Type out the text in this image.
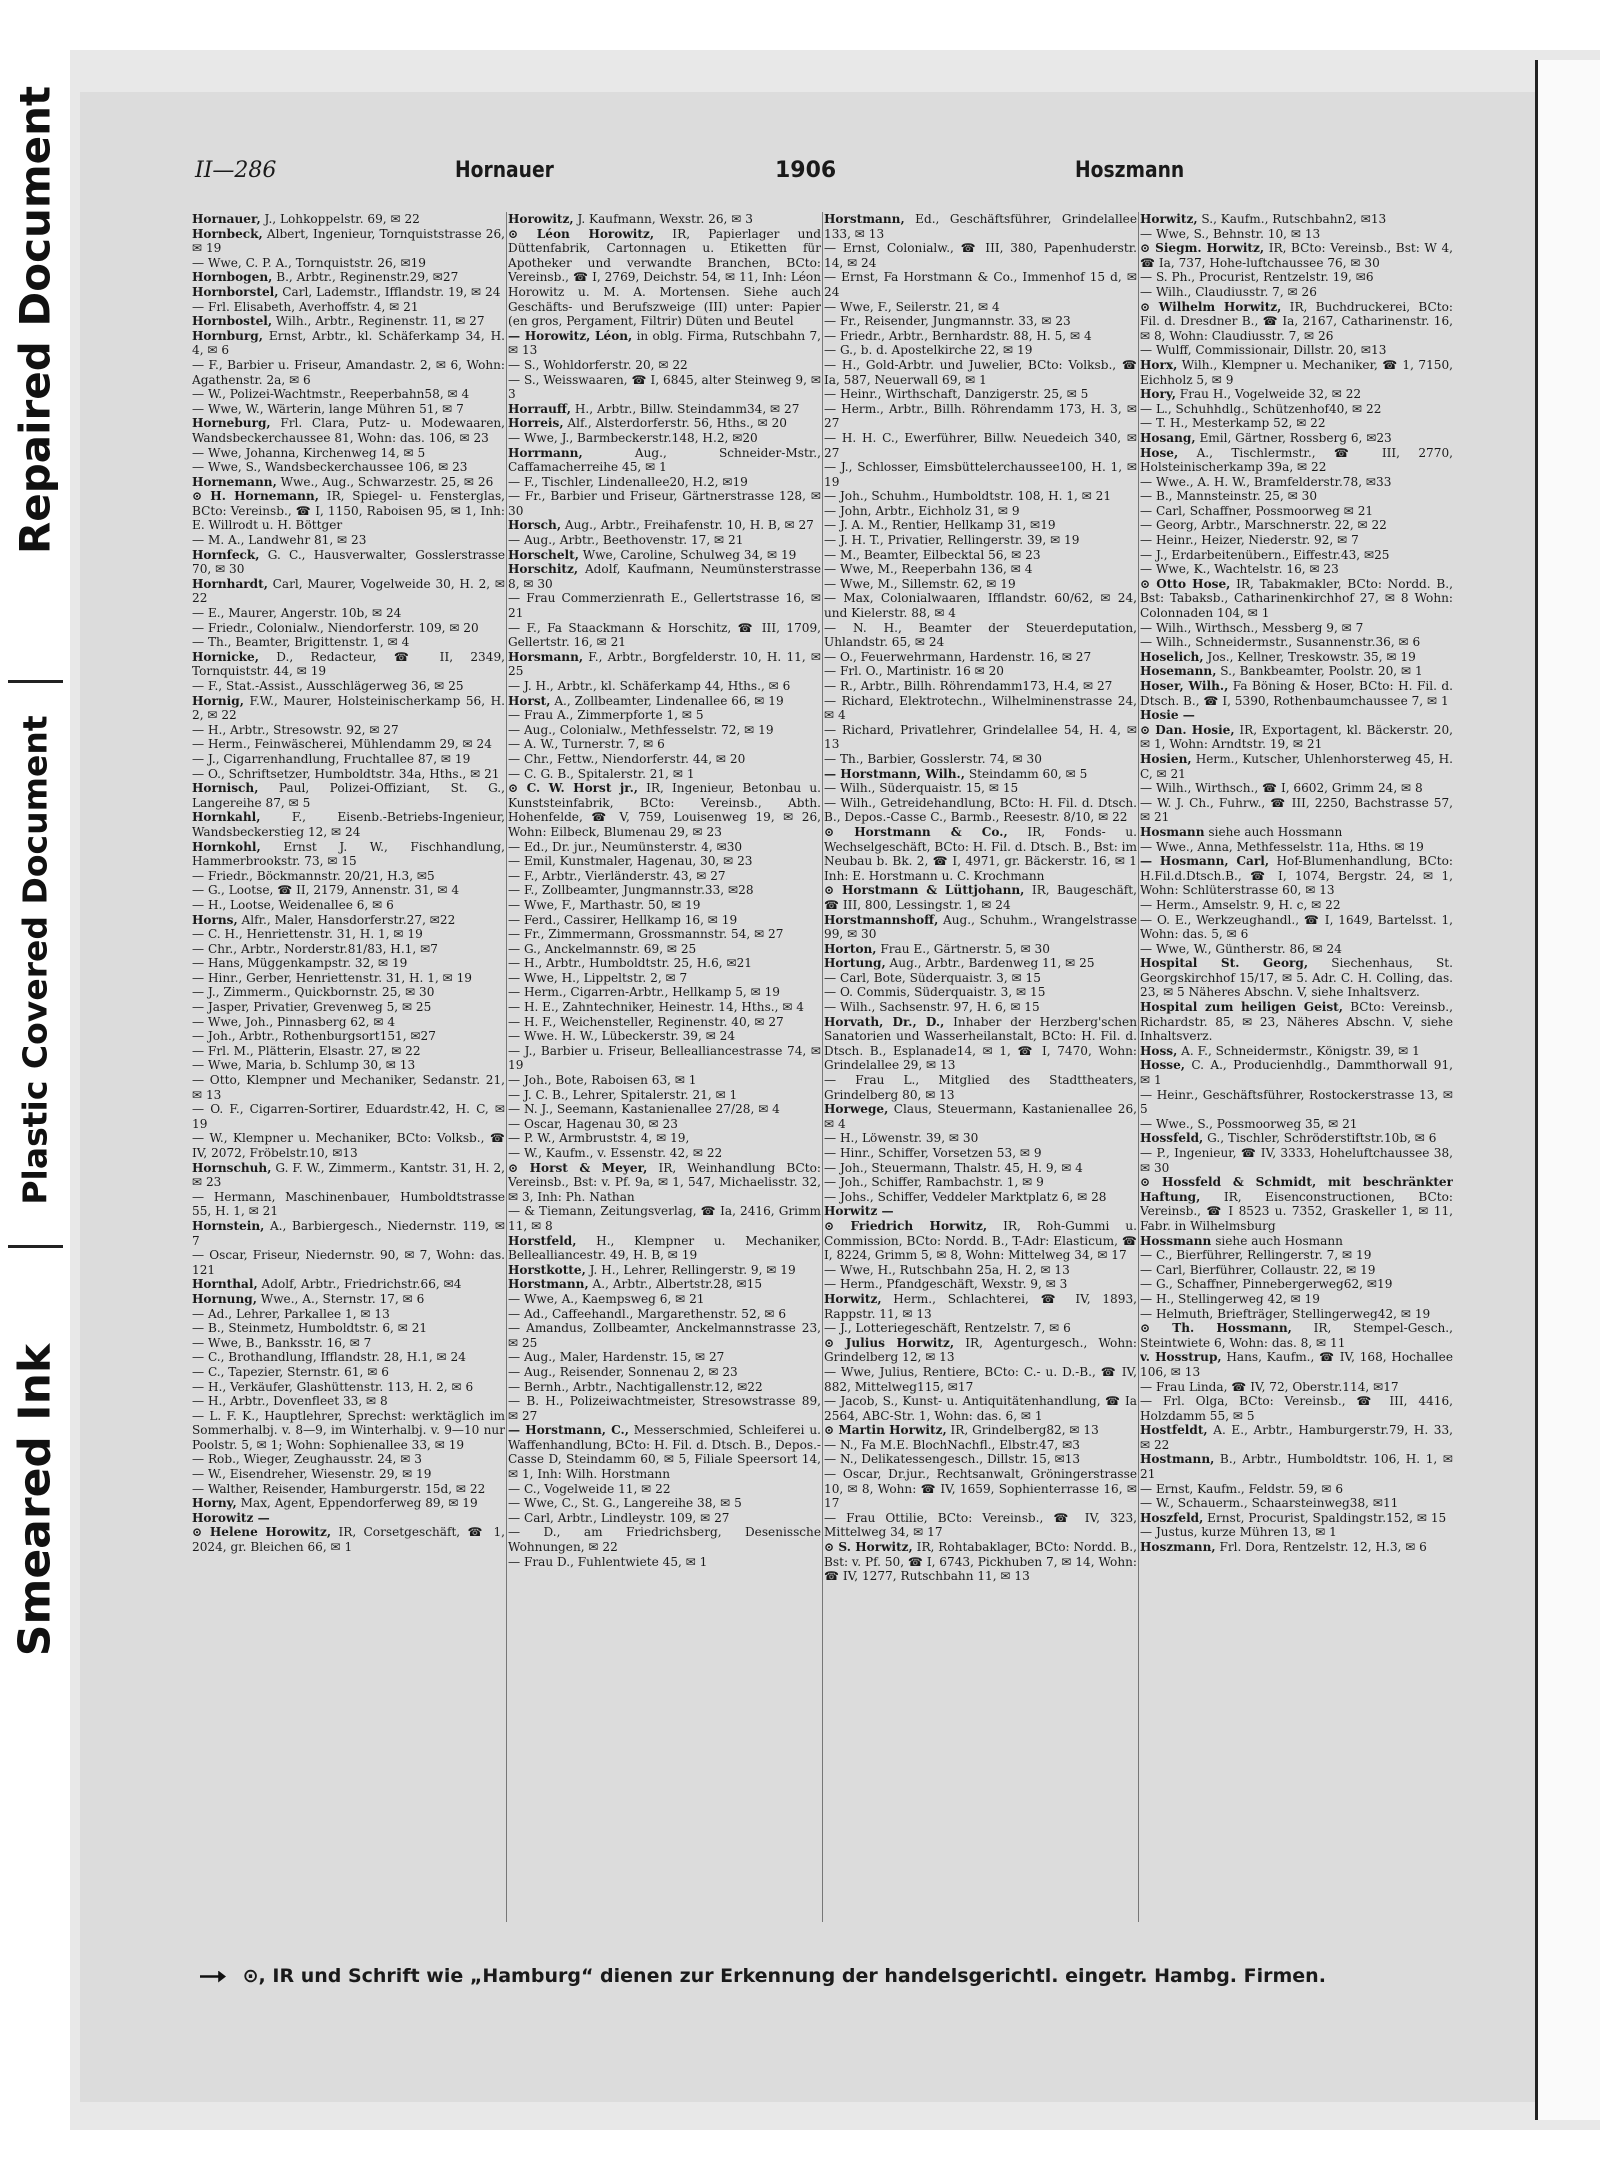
Repaired Document
Plastic Covered Document
Smeared Ink
II—286	Hornauer	1906	Hoszmann

Hornauer, J., Lohkoppelstr. 69, ✉ 22

Hornbeck, Albert, Ingenieur, Tornquiststrasse 26, ✉ 19

— Wwe, C. P. A., Tornquiststr. 26, ✉19

Hornbogen, B., Arbtr., Reginenstr.29, ✉27

Hornborstel, Carl, Lademstr., Ifflandstr. 19, ✉ 24

— Frl. Elisabeth, Averhoffstr. 4, ✉ 21

Hornbostel, Wilh., Arbtr., Reginenstr. 11, ✉ 27

Hornburg, Ernst, Arbtr., kl. Schäferkamp 34, H. 4, ✉ 6

— F., Barbier u. Friseur, Amandastr. 2, ✉ 6, Wohn: Agathenstr. 2a, ✉ 6

— W., Polizei-Wachtmstr., Reeperbahn58, ✉ 4

— Wwe, W., Wärterin, lange Mühren 51, ✉ 7

Horneburg, Frl. Clara, Putz- u. Modewaaren, Wandsbeckerchaussee 81, Wohn: das. 106, ✉ 23

— Wwe, Johanna, Kirchenweg 14, ✉ 5

— Wwe, S., Wandsbeckerchaussee 106, ✉ 23

Hornemann, Wwe., Aug., Schwarzestr. 25, ✉ 26

⊙ H. Hornemann, IR, Spiegel- u. Fensterglas, BCto: Vereinsb., ☎ I, 1150, Raboisen 95, ✉ 1, Inh: E. Willrodt u. H. Böttger

— M. A., Landwehr 81, ✉ 23

Hornfeck, G. C., Hausverwalter, Gosslerstrasse 70, ✉ 30

Hornhardt, Carl, Maurer, Vogelweide 30, H. 2, ✉ 22

— E., Maurer, Angerstr. 10b, ✉ 24

— Friedr., Colonialw., Niendorferstr. 109, ✉ 20

— Th., Beamter, Brigittenstr. 1, ✉ 4

Hornicke, D., Redacteur, ☎ II, 2349, Tornquiststr. 44, ✉ 19

— F., Stat.-Assist., Ausschlägerweg 36, ✉ 25

Hornig, F.W., Maurer, Holsteinischerkamp 56, H. 2, ✉ 22

— H., Arbtr., Stresowstr. 92, ✉ 27

— Herm., Feinwäscherei, Mühlendamm 29, ✉ 24

— J., Cigarrenhandlung, Fruchtallee 87, ✉ 19

— O., Schriftsetzer, Humboldtstr. 34a, Hths., ✉ 21

Hornisch, Paul, Polizei-Offiziant, St. G., Langereihe 87, ✉ 5

Hornkahl, F., Eisenb.-Betriebs-Ingenieur, Wandsbeckerstieg 12, ✉ 24

Hornkohl, Ernst J. W., Fischhandlung, Hammerbrookstr. 73, ✉ 15

— Friedr., Böckmannstr. 20/21, H.3, ✉5

— G., Lootse, ☎ II, 2179, Annenstr. 31, ✉ 4

— H., Lootse, Weidenallee 6, ✉ 6

Horns, Alfr., Maler, Hansdorferstr.27, ✉22

— C. H., Henriettenstr. 31, H. 1, ✉ 19

— Chr., Arbtr., Norderstr.81/83, H.1, ✉7

— Hans, Müggenkampstr. 32, ✉ 19

— Hinr., Gerber, Henriettenstr. 31, H. 1, ✉ 19

— J., Zimmerm., Quickbornstr. 25, ✉ 30

— Jasper, Privatier, Grevenweg 5, ✉ 25

— Wwe, Joh., Pinnasberg 62, ✉ 4

— Joh., Arbtr., Rothenburgsort151, ✉27

— Frl. M., Plätterin, Elsastr. 27, ✉ 22

— Wwe, Maria, b. Schlump 30, ✉ 13

— Otto, Klempner und Mechaniker, Sedanstr. 21, ✉ 13

— O. F., Cigarren-Sortirer, Eduardstr.42, H. C, ✉ 19

— W., Klempner u. Mechaniker, BCto: Volksb., ☎ IV, 2072, Fröbelstr.10, ✉13

Hornschuh, G. F. W., Zimmerm., Kantstr. 31, H. 2, ✉ 23

— Hermann, Maschinenbauer, Humboldtstrasse 55, H. 1, ✉ 21

Hornstein, A., Barbiergesch., Niedernstr. 119, ✉ 7

— Oscar, Friseur, Niedernstr. 90, ✉ 7, Wohn: das. 121

Hornthal, Adolf, Arbtr., Friedrichstr.66, ✉4

Hornung, Wwe., A., Sternstr. 17, ✉ 6

— Ad., Lehrer, Parkallee 1, ✉ 13

— B., Steinmetz, Humboldtstr. 6, ✉ 21

— Wwe, B., Banksstr. 16, ✉ 7

— C., Brothandlung, Ifflandstr. 28, H.1, ✉ 24

— C., Tapezier, Sternstr. 61, ✉ 6

— H., Verkäufer, Glashüttenstr. 113, H. 2, ✉ 6

— H., Arbtr., Dovenfleet 33, ✉ 8

— L. F. K., Hauptlehrer, Sprechst: werktäglich im Sommerhalbj. v. 8—9, im Winterhalbj. v. 9—10 nur Poolstr. 5, ✉ 1; Wohn: Sophienallee 33, ✉ 19

— Rob., Wieger, Zeughausstr. 24, ✉ 3

— W., Eisendreher, Wiesenstr. 29, ✉ 19

— Walther, Reisender, Hamburgerstr. 15d, ✉ 22

Horny, Max, Agent, Eppendorferweg 89, ✉ 19

Horowitz —

⊙ Helene Horowitz, IR, Corsetgeschäft, ☎ 1, 2024, gr. Bleichen 66, ✉ 1

Horowitz, J. Kaufmann, Wexstr. 26, ✉ 3

⊙ Léon Horowitz, IR, Papierlager und Düttenfabrik, Cartonnagen u. Etiketten für Apotheker und verwandte Branchen, BCto: Vereinsb., ☎ I, 2769, Deichstr. 54, ✉ 11, Inh: Léon Horowitz u. M. A. Mortensen. Siehe auch Geschäfts- und Berufszweige (III) unter: Papier (en gros, Pergament, Filtrir) Düten und Beutel

— Horowitz, Léon, in oblg. Firma, Rutschbahn 7, ✉ 13

— S., Wohldorferstr. 20, ✉ 22

— S., Weisswaaren, ☎ I, 6845, alter Steinweg 9, ✉ 3

Horrauff, H., Arbtr., Billw. Steindamm34, ✉ 27

Horreis, Alf., Alsterdorferstr. 56, Hths., ✉ 20

— Wwe, J., Barmbeckerstr.148, H.2, ✉20

Horrmann, Aug., Schneider-Mstr., Caffamacherreihe 45, ✉ 1

— F., Tischler, Lindenallee20, H.2, ✉19

— Fr., Barbier und Friseur, Gärtnerstrasse 128, ✉ 30

Horsch, Aug., Arbtr., Freihafenstr. 10, H. B, ✉ 27

— Aug., Arbtr., Beethovenstr. 17, ✉ 21

Horschelt, Wwe, Caroline, Schulweg 34, ✉ 19

Horschitz, Adolf, Kaufmann, Neumünsterstrasse 8, ✉ 30

— Frau Commerzienrath E., Gellertstrasse 16, ✉ 21

— F., Fa Staackmann & Horschitz, ☎ III, 1709, Gellertstr. 16, ✉ 21

Horsmann, F., Arbtr., Borgfelderstr. 10, H. 11, ✉ 25

— J. H., Arbtr., kl. Schäferkamp 44, Hths., ✉ 6

Horst, A., Zollbeamter, Lindenallee 66, ✉ 19

— Frau A., Zimmerpforte 1, ✉ 5

— Aug., Colonialw., Methfesselstr. 72, ✉ 19

— A. W., Turnerstr. 7, ✉ 6

— Chr., Fettw., Niendorferstr. 44, ✉ 20

— C. G. B., Spitalerstr. 21, ✉ 1

⊙ C. W. Horst jr., IR, Ingenieur, Betonbau u. Kunststeinfabrik, BCto: Vereinsb., Abth. Hohenfelde, ☎ V, 759, Louisenweg 19, ✉ 26, Wohn: Eilbeck, Blumenau 29, ✉ 23

— Ed., Dr. jur., Neumünsterstr. 4, ✉30

— Emil, Kunstmaler, Hagenau, 30, ✉ 23

— F., Arbtr., Vierländerstr. 43, ✉ 27

— F., Zollbeamter, Jungmannstr.33, ✉28

— Wwe, F., Marthastr. 50, ✉ 19

— Ferd., Cassirer, Hellkamp 16, ✉ 19

— Fr., Zimmermann, Grossmannstr. 54, ✉ 27

— G., Anckelmannstr. 69, ✉ 25

— H., Arbtr., Humboldtstr. 25, H.6, ✉21

— Wwe, H., Lippeltstr. 2, ✉ 7

— Herm., Cigarren-Arbtr., Hellkamp 5, ✉ 19

— H. E., Zahntechniker, Heinestr. 14, Hths., ✉ 4

— H. F., Weichensteller, Reginenstr. 40, ✉ 27

— Wwe. H. W., Lübeckerstr. 39, ✉ 24

— J., Barbier u. Friseur, Bellealliancestrasse 74, ✉ 19

— Joh., Bote, Raboisen 63, ✉ 1

— J. C. B., Lehrer, Spitalerstr. 21, ✉ 1

— N. J., Seemann, Kastanienallee 27/28, ✉ 4

— Oscar, Hagenau 30, ✉ 23

— P. W., Armbruststr. 4, ✉ 19,

— W., Kaufm., v. Essenstr. 42, ✉ 22

⊙ Horst & Meyer, IR, Weinhandlung BCto: Vereinsb., Bst: v. Pf. 9a, ✉ 1, 547, Michaelisstr. 32, ✉ 3, Inh: Ph. Nathan

— & Tiemann, Zeitungsverlag, ☎ Ia, 2416, Grimm 11, ✉ 8

Horstfeld, H., Klempner u. Mechaniker, Bellealliancestr. 49, H. B, ✉ 19

Horstkotte, J. H., Lehrer, Rellingerstr. 9, ✉ 19

Horstmann, A., Arbtr., Albertstr.28, ✉15

— Wwe, A., Kaempsweg 6, ✉ 21

— Ad., Caffeehandl., Margarethenstr. 52, ✉ 6

— Amandus, Zollbeamter, Anckelmannstrasse 23, ✉ 25

— Aug., Maler, Hardenstr. 15, ✉ 27

— Aug., Reisender, Sonnenau 2, ✉ 23

— Bernh., Arbtr., Nachtigallenstr.12, ✉22

— B. H., Polizeiwachtmeister, Stresowstrasse 89, ✉ 27

— Horstmann, C., Messerschmied, Schleiferei u. Waffenhandlung, BCto: H. Fil. d. Dtsch. B., Depos.-Casse D, Steindamm 60, ✉ 5, Filiale Speersort 14, ✉ 1, Inh: Wilh. Horstmann

— C., Vogelweide 11, ✉ 22

— Wwe, C., St. G., Langereihe 38, ✉ 5

— Carl, Arbtr., Lindleystr. 109, ✉ 27

— D., am Friedrichsberg, Desenissche Wohnungen, ✉ 22

— Frau D., Fuhlentwiete 45, ✉ 1

Horstmann, Ed., Geschäftsführer, Grindelallee 133, ✉ 13

— Ernst, Colonialw., ☎ III, 380, Papenhuderstr. 14, ✉ 24

— Ernst, Fa Horstmann & Co., Immenhof 15 d, ✉ 24

— Wwe, F., Seilerstr. 21, ✉ 4

— Fr., Reisender, Jungmannstr. 33, ✉ 23

— Friedr., Arbtr., Bernhardstr. 88, H. 5, ✉ 4

— G., b. d. Apostelkirche 22, ✉ 19

— H., Gold-Arbtr. und Juwelier, BCto: Volksb., ☎ Ia, 587, Neuerwall 69, ✉ 1

— Heinr., Wirthschaft, Danzigerstr. 25, ✉ 5

— Herm., Arbtr., Billh. Röhrendamm 173, H. 3, ✉ 27

— H. H. C., Ewerführer, Billw. Neuedeich 340, ✉ 27

— J., Schlosser, Eimsbüttelerchaussee100, H. 1, ✉ 19

— Joh., Schuhm., Humboldtstr. 108, H. 1, ✉ 21

— John, Arbtr., Eichholz 31, ✉ 9

— J. A. M., Rentier, Hellkamp 31, ✉19

— J. H. T., Privatier, Rellingerstr. 39, ✉ 19

— M., Beamter, Eilbecktal 56, ✉ 23

— Wwe, M., Reeperbahn 136, ✉ 4

— Wwe, M., Sillemstr. 62, ✉ 19

— Max, Colonialwaaren, Ifflandstr. 60/62, ✉ 24, und Kielerstr. 88, ✉ 4

— N. H., Beamter der Steuerdeputation, Uhlandstr. 65, ✉ 24

— O., Feuerwehrmann, Hardenstr. 16, ✉ 27

— Frl. O., Martinistr. 16 ✉ 20

— R., Arbtr., Billh. Röhrendamm173, H.4, ✉ 27

— Richard, Elektrotechn., Wilhelminenstrasse 24, ✉ 4

— Richard, Privatlehrer, Grindelallee 54, H. 4, ✉ 13

— Th., Barbier, Gosslerstr. 74, ✉ 30

— Horstmann, Wilh., Steindamm 60, ✉ 5

— Wilh., Süderquaistr. 15, ✉ 15

— Wilh., Getreidehandlung, BCto: H. Fil. d. Dtsch. B., Depos.-Casse C., Barmb., Reesestr. 8/10, ✉ 22

⊙ Horstmann & Co., IR, Fonds- u. Wechselgeschäft, BCto: H. Fil. d. Dtsch. B., Bst: im Neubau b. Bk. 2, ☎ I, 4971, gr. Bäckerstr. 16, ✉ 1 Inh: E. Horstmann u. C. Krochmann

⊙ Horstmann & Lüttjohann, IR, Baugeschäft, ☎ III, 800, Lessingstr. 1, ✉ 24

Horstmannshoff, Aug., Schuhm., Wrangelstrasse 99, ✉ 30

Horton, Frau E., Gärtnerstr. 5, ✉ 30

Hortung, Aug., Arbtr., Bardenweg 11, ✉ 25

— Carl, Bote, Süderquaistr. 3, ✉ 15

— O. Commis, Süderquaistr. 3, ✉ 15

— Wilh., Sachsenstr. 97, H. 6, ✉ 15

Horvath, Dr., D., Inhaber der Herzberg'schen Sanatorien und Wasserheilanstalt, BCto: H. Fil. d. Dtsch. B., Esplanade14, ✉ 1, ☎ I, 7470, Wohn: Grindelallee 29, ✉ 13

— Frau L., Mitglied des Stadttheaters, Grindelberg 80, ✉ 13

Horwege, Claus, Steuermann, Kastanienallee 26, ✉ 4

— H., Löwenstr. 39, ✉ 30

— Hinr., Schiffer, Vorsetzen 53, ✉ 9

— Joh., Steuermann, Thalstr. 45, H. 9, ✉ 4

— Joh., Schiffer, Rambachstr. 1, ✉ 9

— Johs., Schiffer, Veddeler Marktplatz 6, ✉ 28

Horwitz —

⊙ Friedrich Horwitz, IR, Roh-Gummi u. Commission, BCto: Nordd. B., T-Adr: Elasticum, ☎ I, 8224, Grimm 5, ✉ 8, Wohn: Mittelweg 34, ✉ 17

— Wwe, H., Rutschbahn 25a, H. 2, ✉ 13

— Herm., Pfandgeschäft, Wexstr. 9, ✉ 3

Horwitz, Herm., Schlachterei, ☎ IV, 1893, Rappstr. 11, ✉ 13

— J., Lotteriegeschäft, Rentzelstr. 7, ✉ 6

⊙ Julius Horwitz, IR, Agenturgesch., Wohn: Grindelberg 12, ✉ 13

— Wwe, Julius, Rentiere, BCto: C.- u. D.-B., ☎ IV, 882, Mittelweg115, ✉17

— Jacob, S., Kunst- u. Antiquitätenhandlung, ☎ Ia 2564, ABC-Str. 1, Wohn: das. 6, ✉ 1

⊙ Martin Horwitz, IR, Grindelberg82, ✉ 13

— N., Fa M.E. BlochNachfl., Elbstr.47, ✉3

— N., Delikatessengesch., Dillstr. 15, ✉13

— Oscar, Dr.jur., Rechtsanwalt, Gröningerstrasse 10, ✉ 8, Wohn: ☎ IV, 1659, Sophienterrasse 16, ✉ 17

— Frau Ottilie, BCto: Vereinsb., ☎ IV, 323, Mittelweg 34, ✉ 17

⊙ S. Horwitz, IR, Rohtabaklager, BCto: Nordd. B., Bst: v. Pf. 50, ☎ I, 6743, Pickhuben 7, ✉ 14, Wohn: ☎ IV, 1277, Rutschbahn 11, ✉ 13

Horwitz, S., Kaufm., Rutschbahn2, ✉13

— Wwe, S., Behnstr. 10, ✉ 13

⊙ Siegm. Horwitz, IR, BCto: Vereinsb., Bst: W 4, ☎ Ia, 737, Hohe-luftchaussee 76, ✉ 30

— S. Ph., Procurist, Rentzelstr. 19, ✉6

— Wilh., Claudiusstr. 7, ✉ 26

⊙ Wilhelm Horwitz, IR, Buchdruckerei, BCto: Fil. d. Dresdner B., ☎ Ia, 2167, Catharinenstr. 16, ✉ 8, Wohn: Claudiusstr. 7, ✉ 26

— Wulff, Commissionair, Dillstr. 20, ✉13

Horx, Wilh., Klempner u. Mechaniker, ☎ 1, 7150, Eichholz 5, ✉ 9

Hory, Frau H., Vogelweide 32, ✉ 22

— L., Schuhhdlg., Schützenhof40, ✉ 22

— T. H., Mesterkamp 52, ✉ 22

Hosang, Emil, Gärtner, Rossberg 6, ✉23

Hose, A., Tischlermstr., ☎ III, 2770, Holsteinischerkamp 39a, ✉ 22

— Wwe., A. H. W., Bramfelderstr.78, ✉33

— B., Mannsteinstr. 25, ✉ 30

— Carl, Schaffner, Possmoorweg ✉ 21

— Georg, Arbtr., Marschnerstr. 22, ✉ 22

— Heinr., Heizer, Niederstr. 92, ✉ 7

— J., Erdarbeitenübern., Eiffestr.43, ✉25

— Wwe, K., Wachtelstr. 16, ✉ 23

⊙ Otto Hose, IR, Tabakmakler, BCto: Nordd. B., Bst: Tabaksb., Catharinenkirchhof 27, ✉ 8 Wohn: Colonnaden 104, ✉ 1

— Wilh., Wirthsch., Messberg 9, ✉ 7

— Wilh., Schneidermstr., Susannenstr.36, ✉ 6

Hoselich, Jos., Kellner, Treskowstr. 35, ✉ 19

Hosemann, S., Bankbeamter, Poolstr. 20, ✉ 1

Hoser, Wilh., Fa Böning & Hoser, BCto: H. Fil. d. Dtsch. B., ☎ I, 5390, Rothenbaumchaussee 7, ✉ 1

Hosie —

⊙ Dan. Hosie, IR, Exportagent, kl. Bäckerstr. 20, ✉ 1, Wohn: Arndtstr. 19, ✉ 21

Hosien, Herm., Kutscher, Uhlenhorsterweg 45, H. C, ✉ 21

— Wilh., Wirthsch., ☎ I, 6602, Grimm 24, ✉ 8

— W. J. Ch., Fuhrw., ☎ III, 2250, Bachstrasse 57, ✉ 21

Hosmann siehe auch Hossmann

— Wwe., Anna, Methfesselstr. 11a, Hths. ✉ 19

— Hosmann, Carl, Hof-Blumenhandlung, BCto: H.Fil.d.Dtsch.B., ☎ I, 1074, Bergstr. 24, ✉ 1, Wohn: Schlüterstrasse 60, ✉ 13

— Herm., Amselstr. 9, H. c, ✉ 22

— O. E., Werkzeughandl., ☎ I, 1649, Bartelsst. 1, Wohn: das. 5, ✉ 6

— Wwe, W., Güntherstr. 86, ✉ 24

Hospital St. Georg, Siechenhaus, St. Georgskirchhof 15/17, ✉ 5. Adr. C. H. Colling, das. 23, ✉ 5 Näheres Abschn. V, siehe Inhaltsverz.

Hospital zum heiligen Geist, BCto: Vereinsb., Richardstr. 85, ✉ 23, Näheres Abschn. V, siehe Inhaltsverz.

Hoss, A. F., Schneidermstr., Königstr. 39, ✉ 1

Hosse, C. A., Producienhdlg., Dammthorwall 91, ✉ 1

— Heinr., Geschäftsführer, Rostockerstrasse 13, ✉ 5

— Wwe., S., Possmoorweg 35, ✉ 21

Hossfeld, G., Tischler, Schröderstiftstr.10b, ✉ 6

— P., Ingenieur, ☎ IV, 3333, Hoheluftchaussee 38, ✉ 30

⊙ Hossfeld & Schmidt, mit beschränkter Haftung, IR, Eisenconstructionen, BCto: Vereinsb., ☎ I 8523 u. 7352, Graskeller 1, ✉ 11, Fabr. in Wilhelmsburg

Hossmann siehe auch Hosmann

— C., Bierführer, Rellingerstr. 7, ✉ 19

— Carl, Bierführer, Collaustr. 22, ✉ 19

— G., Schaffner, Pinnebergerweg62, ✉19

— H., Stellingerweg 42, ✉ 19

— Helmuth, Briefträger, Stellingerweg42, ✉ 19

⊙ Th. Hossmann, IR, Stempel-Gesch., Steintwiete 6, Wohn: das. 8, ✉ 11

v. Hosstrup, Hans, Kaufm., ☎ IV, 168, Hochallee 106, ✉ 13

— Frau Linda, ☎ IV, 72, Oberstr.114, ✉17

— Frl. Olga, BCto: Vereinsb., ☎ III, 4416, Holzdamm 55, ✉ 5

Hostfeldt, A. E., Arbtr., Hamburgerstr.79, H. 33, ✉ 22

Hostmann, B., Arbtr., Humboldtstr. 106, H. 1, ✉ 21

— Ernst, Kaufm., Feldstr. 59, ✉ 6

— W., Schauerm., Schaarsteinweg38, ✉11

Hoszfeld, Ernst, Procurist, Spaldingstr.152, ✉ 15

— Justus, kurze Mühren 13, ✉ 1

Hoszmann, Frl. Dora, Rentzelstr. 12, H.3, ✉ 6

⊙, IR und Schrift wie „Hamburg“ dienen zur Erkennung der handelsgerichtl. eingetr. Hambg. Firmen.
